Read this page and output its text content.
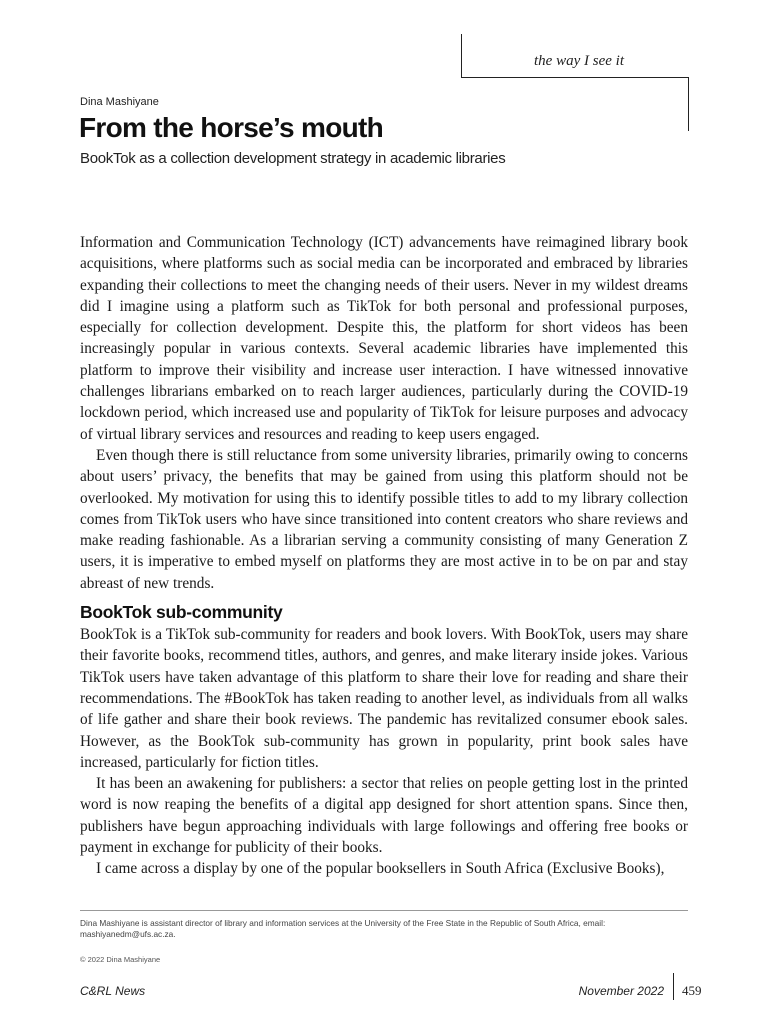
the way I see it
Dina Mashiyane
From the horse’s mouth

BookTok as a collection development strategy in academic libraries

Information and Communication Technology (ICT) advancements have reimagined library book acquisitions, where platforms such as social media can be incorporated and embraced by libraries expanding their collections to meet the changing needs of their users. Never in my wildest dreams did I imagine using a platform such as TikTok for both personal and professional purposes, especially for collection development. Despite this, the platform for short videos has been increasingly popular in various contexts. Several academic libraries have implemented this platform to improve their visibility and increase user interaction. I have witnessed innovative challenges librarians embarked on to reach larger audiences, particularly during the COVID-19 lockdown period, which increased use and popularity of TikTok for leisure purposes and advocacy of virtual library services and resources and reading to keep users engaged.

Even though there is still reluctance from some university libraries, primarily owing to concerns about users’ privacy, the benefits that may be gained from using this platform should not be overlooked. My motivation for using this to identify possible titles to add to my library collection comes from TikTok users who have since transitioned into content creators who share reviews and make reading fashionable. As a librarian serving a community consisting of many Generation Z users, it is imperative to embed myself on platforms they are most active in to be on par and stay abreast of new trends.

BookTok sub-community

BookTok is a TikTok sub-community for readers and book lovers. With BookTok, users may share their favorite books, recommend titles, authors, and genres, and make literary inside jokes. Various TikTok users have taken advantage of this platform to share their love for reading and share their recommendations. The #BookTok has taken reading to another level, as individuals from all walks of life gather and share their book reviews. The pandemic has revitalized consumer ebook sales. However, as the BookTok sub-community has grown in popularity, print book sales have increased, particularly for fiction titles.

It has been an awakening for publishers: a sector that relies on people getting lost in the printed word is now reaping the benefits of a digital app designed for short attention spans. Since then, publishers have begun approaching individuals with large followings and offering free books or payment in exchange for publicity of their books.

I came across a display by one of the popular booksellers in South Africa (Exclusive Books),

Dina Mashiyane is assistant director of library and information services at the University of the Free State in the Republic of South Africa, email: mashiyanedm@ufs.ac.za.

© 2022 Dina Mashiyane
C&RL News	November 2022 459
